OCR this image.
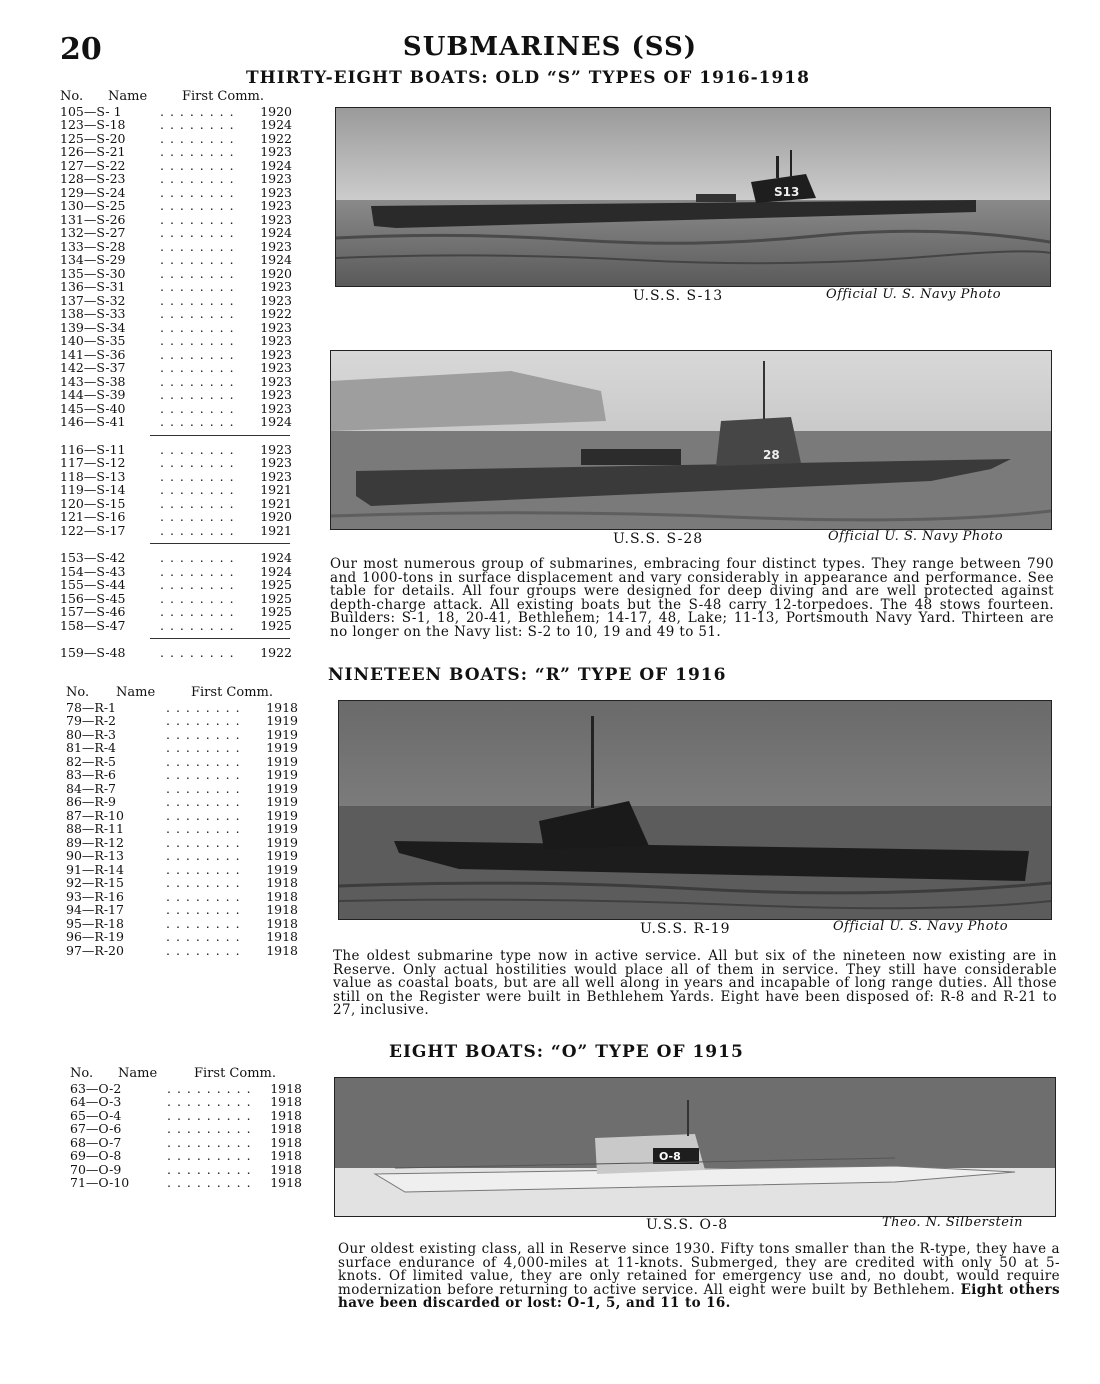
20	SUBMARINES (SS)
THIRTY-EIGHT BOATS: OLD “S” TYPES OF 1916-1918
No.	Name	First Comm.
105—S- 1	. . . . . . . .	1920
123—S-18	. . . . . . . .	1924
125—S-20	. . . . . . . .	1922
126—S-21	. . . . . . . .	1923
127—S-22	. . . . . . . .	1924
128—S-23	. . . . . . . .	1923
129—S-24	. . . . . . . .	1923
130—S-25	. . . . . . . .	1923
131—S-26	. . . . . . . .	1923
132—S-27	. . . . . . . .	1924
133—S-28	. . . . . . . .	1923
134—S-29	. . . . . . . .	1924
135—S-30	. . . . . . . .	1920
136—S-31	. . . . . . . .	1923
137—S-32	. . . . . . . .	1923
138—S-33	. . . . . . . .	1922
139—S-34	. . . . . . . .	1923
140—S-35	. . . . . . . .	1923
141—S-36	. . . . . . . .	1923
142—S-37	. . . . . . . .	1923
143—S-38	. . . . . . . .	1923
144—S-39	. . . . . . . .	1923
145—S-40	. . . . . . . .	1923
146—S-41	. . . . . . . .	1924
116—S-11	. . . . . . . .	1923
117—S-12	. . . . . . . .	1923
118—S-13	. . . . . . . .	1923
119—S-14	. . . . . . . .	1921
120—S-15	. . . . . . . .	1921
121—S-16	. . . . . . . .	1920
122—S-17	. . . . . . . .	1921
153—S-42	. . . . . . . .	1924
154—S-43	. . . . . . . .	1924
155—S-44	. . . . . . . .	1925
156—S-45	. . . . . . . .	1925
157—S-46	. . . . . . . .	1925
158—S-47	. . . . . . . .	1925
159—S-48	. . . . . . . .	1922
S13
U.S.S. S-13	Official U. S. Navy Photo
28
U.S.S. S-28	Official U. S. Navy Photo
Our most numerous group of submarines, embracing four distinct types. They range between 790 and 1000-tons in surface displacement and vary considerably in appearance and performance. See table for details. All four groups were designed for deep diving and are well protected against depth-charge attack. All existing boats but the S-48 carry 12-torpedoes. The 48 stows fourteen. Builders: S-1, 18, 20-41, Bethlehem; 14-17, 48, Lake; 11-13, Portsmouth Navy Yard. Thirteen are no longer on the Navy list: S-2 to 10, 19 and 49 to 51.
NINETEEN BOATS: “R” TYPE OF 1916
No.	Name	First Comm.
78—R-1	. . . . . . . .	1918
79—R-2	. . . . . . . .	1919
80—R-3	. . . . . . . .	1919
81—R-4	. . . . . . . .	1919
82—R-5	. . . . . . . .	1919
83—R-6	. . . . . . . .	1919
84—R-7	. . . . . . . .	1919
86—R-9	. . . . . . . .	1919
87—R-10	. . . . . . . .	1919
88—R-11	. . . . . . . .	1919
89—R-12	. . . . . . . .	1919
90—R-13	. . . . . . . .	1919
91—R-14	. . . . . . . .	1919
92—R-15	. . . . . . . .	1918
93—R-16	. . . . . . . .	1918
94—R-17	. . . . . . . .	1918
95—R-18	. . . . . . . .	1918
96—R-19	. . . . . . . .	1918
97—R-20	. . . . . . . .	1918
U.S.S. R-19	Official U. S. Navy Photo
The oldest submarine type now in active service. All but six of the nineteen now existing are in Reserve. Only actual hostilities would place all of them in service. They still have considerable value as coastal boats, but are all well along in years and incapable of long range duties. All those still on the Register were built in Bethlehem Yards. Eight have been disposed of: R-8 and R-21 to 27, inclusive.
EIGHT BOATS: “O” TYPE OF 1915
No.	Name	First Comm.
63—O-2	. . . . . . . . .	1918
64—O-3	. . . . . . . . .	1918
65—O-4	. . . . . . . . .	1918
67—O-6	. . . . . . . . .	1918
68—O-7	. . . . . . . . .	1918
69—O-8	. . . . . . . . .	1918
70—O-9	. . . . . . . . .	1918
71—O-10	. . . . . . . . .	1918
O-8
U.S.S. O-8	Theo. N. Silberstein
Our oldest existing class, all in Reserve since 1930. Fifty tons smaller than the R-type, they have a surface endurance of 4,000-miles at 11-knots. Submerged, they are credited with only 50 at 5-knots. Of limited value, they are only retained for emergency use and, no doubt, would require modernization before returning to active service. All eight were built by Bethlehem. Eight others have been discarded or lost: O-1, 5, and 11 to 16.
